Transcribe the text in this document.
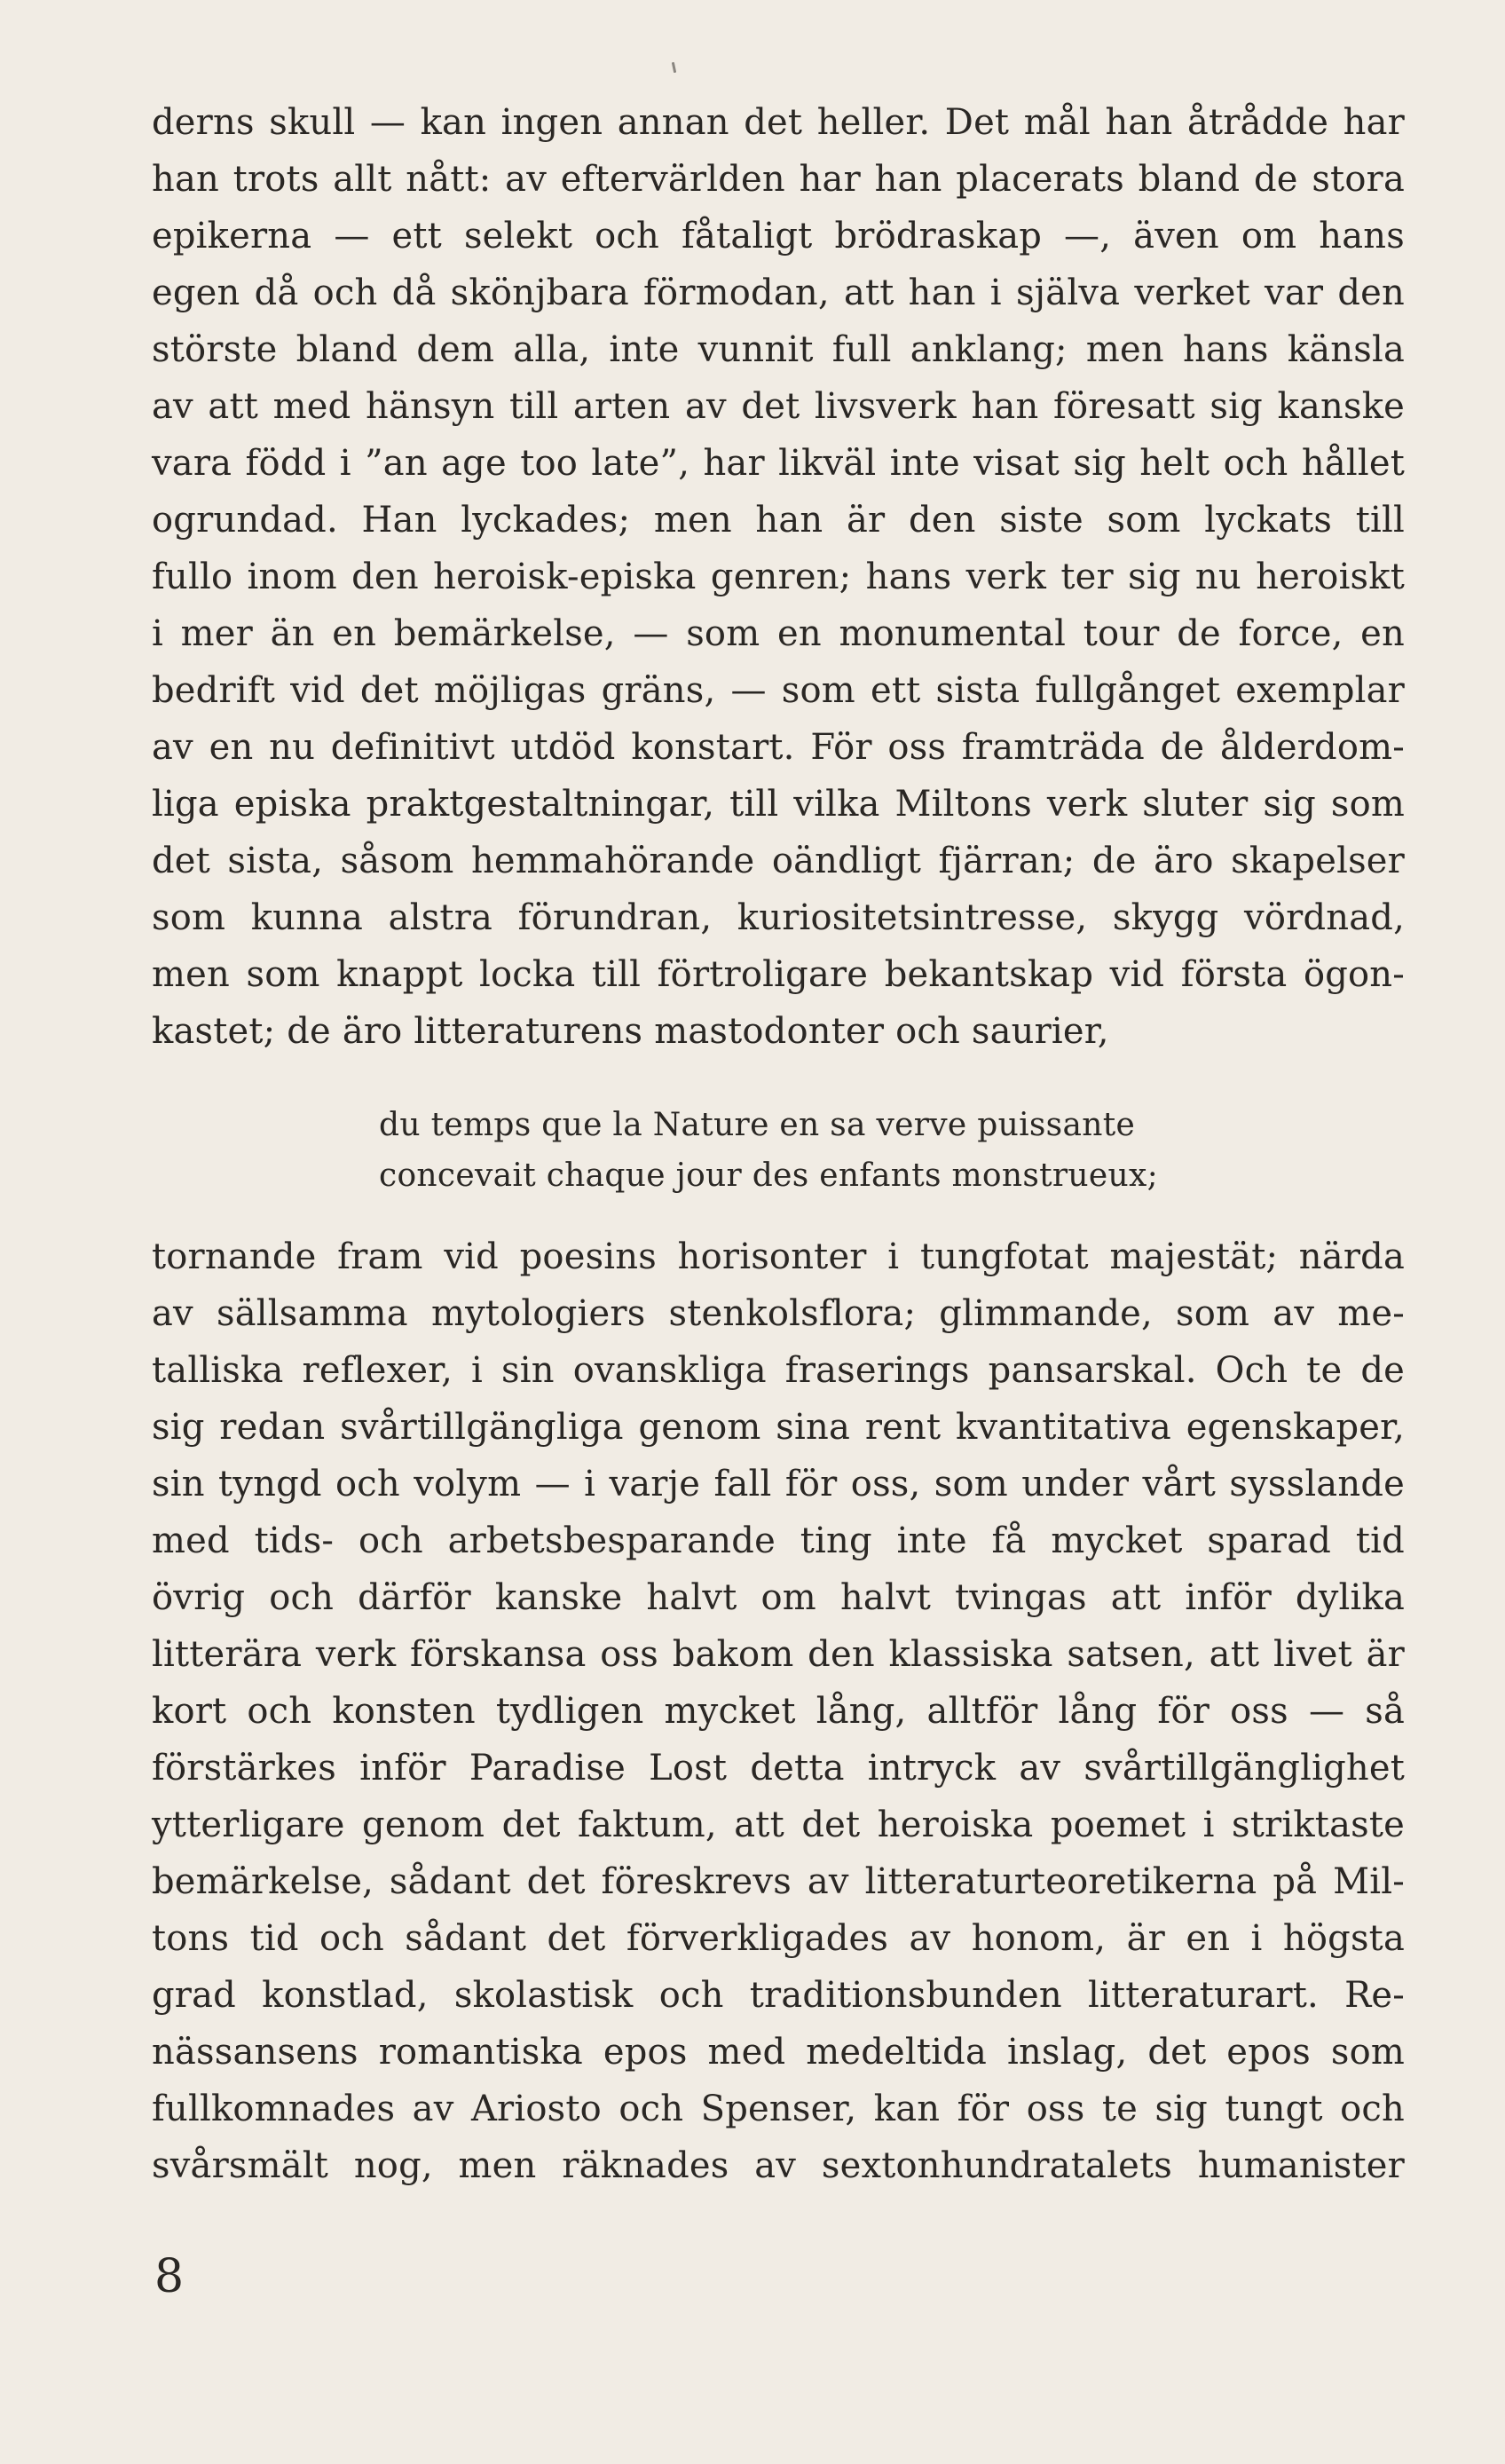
derns skull — kan ingen annan det heller. Det mål han åtrådde har
han trots allt nått: av eftervärlden har han placerats bland de stora
epikerna — ett selekt och fåtaligt brödraskap —, även om hans
egen då och då skönjbara förmodan, att han i själva verket var den
störste bland dem alla, inte vunnit full anklang; men hans känsla
av att med hänsyn till arten av det livsverk han föresatt sig kanske
vara född i ”an age too late”, har likväl inte visat sig helt och hållet
ogrundad. Han lyckades; men han är den siste som lyckats till
fullo inom den heroisk-episka genren; hans verk ter sig nu heroiskt
i mer än en bemärkelse, — som en monumental tour de force, en
bedrift vid det möjligas gräns, — som ett sista fullgånget exemplar
av en nu definitivt utdöd konstart. För oss framträda de ålderdom-
liga episka praktgestaltningar, till vilka Miltons verk sluter sig som
det sista, såsom hemmahörande oändligt fjärran; de äro skapelser
som kunna alstra förundran, kuriositetsintresse, skygg vördnad,
men som knappt locka till förtroligare bekantskap vid första ögon-
kastet; de äro litteraturens mastodonter och saurier,
du temps que la Nature en sa verve puissante
concevait chaque jour des enfants monstrueux;
tornande fram vid poesins horisonter i tungfotat majestät; närda
av sällsamma mytologiers stenkolsflora; glimmande, som av me-
talliska reflexer, i sin ovanskliga fraserings pansarskal. Och te de
sig redan svårtillgängliga genom sina rent kvantitativa egenskaper,
sin tyngd och volym — i varje fall för oss, som under vårt sysslande
med tids- och arbetsbesparande ting inte få mycket sparad tid
övrig och därför kanske halvt om halvt tvingas att inför dylika
litterära verk förskansa oss bakom den klassiska satsen, att livet är
kort och konsten tydligen mycket lång, alltför lång för oss — så
förstärkes inför Paradise Lost detta intryck av svårtillgänglighet
ytterligare genom det faktum, att det heroiska poemet i striktaste
bemärkelse, sådant det föreskrevs av litteraturteoretikerna på Mil-
tons tid och sådant det förverkligades av honom, är en i högsta
grad konstlad, skolastisk och traditionsbunden litteraturart. Re-
nässansens romantiska epos med medeltida inslag, det epos som
fullkomnades av Ariosto och Spenser, kan för oss te sig tungt och
svårsmält nog, men räknades av sextonhundratalets humanister
8
